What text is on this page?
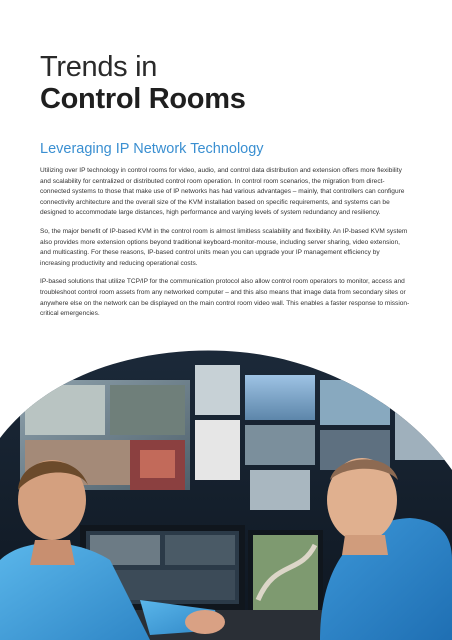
Trends in
Control Rooms
Leveraging IP Network Technology

Utilizing over IP technology in control rooms for video, audio, and control data distribution and extension offers more flexibility and scalability for centralized or distributed control room operation. In control room scenarios, the migration from direct-connected systems to those that make use of IP networks has had various advantages – mainly, that controllers can configure connectivity architecture and the overall size of the KVM installation based on specific requirements, and systems can be designed to accommodate large distances, high performance and varying levels of system redundancy and resiliency.

So, the major benefit of IP-based KVM in the control room is almost limitless scalability and flexibility. An IP-based KVM system also provides more extension options beyond traditional keyboard-monitor-mouse, including server sharing, video extension, and multicasting. For these reasons, IP-based control units mean you can upgrade your IP management efficiency by increasing productivity and reducing operational costs.

IP-based solutions that utilize TCP/IP for the communication protocol also allow control room operators to monitor, access and troubleshoot control room assets from any networked computer – and this also means that image data from secondary sites or anywhere else on the network can be displayed on the main control room video wall. This enables a faster response to mission-critical emergencies.
